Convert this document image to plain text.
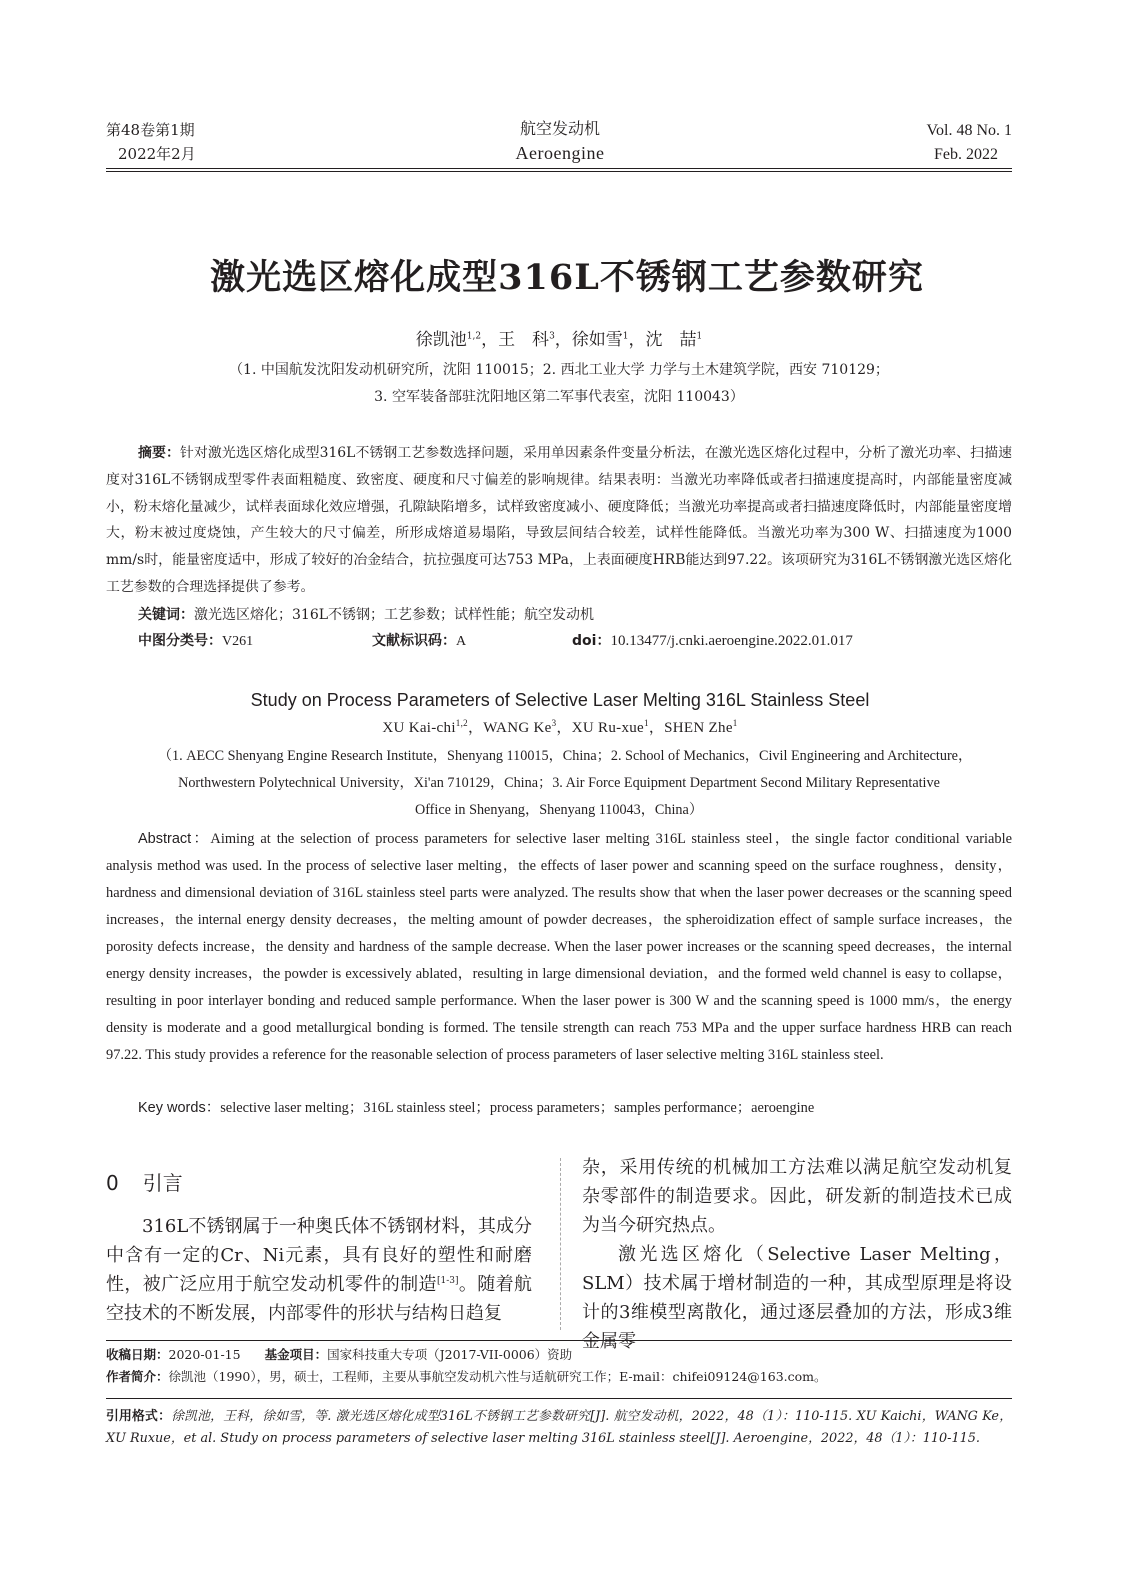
第48卷第1期
2022年2月
航空发动机
Aeroengine
Vol. 48 No. 1
Feb. 2022
激光选区熔化成型316L不锈钢工艺参数研究
徐凯池$^{1,2}$，王　科$^3$，徐如雪$^1$，沈　喆$^1$
（1. 中国航发沈阳发动机研究所，沈阳 110015；2. 西北工业大学 力学与土木建筑学院，西安 710129；
3. 空军装备部驻沈阳地区第二军事代表室，沈阳 110043）
摘要：针对激光选区熔化成型316L不锈钢工艺参数选择问题，采用单因素条件变量分析法，在激光选区熔化过程中，分析了激光功率、扫描速度对316L不锈钢成型零件表面粗糙度、致密度、硬度和尺寸偏差的影响规律。结果表明：当激光功率降低或者扫描速度提高时，内部能量密度减小，粉末熔化量减少，试样表面球化效应增强，孔隙缺陷增多，试样致密度减小、硬度降低；当激光功率提高或者扫描速度降低时，内部能量密度增大，粉末被过度烧蚀，产生较大的尺寸偏差，所形成熔道易塌陷，导致层间结合较差，试样性能降低。当激光功率为300 W、扫描速度为1000 mm/s时，能量密度适中，形成了较好的冶金结合，抗拉强度可达753 MPa，上表面硬度HRB能达到97.22。该项研究为316L不锈钢激光选区熔化工艺参数的合理选择提供了参考。
关键词：激光选区熔化；316L不锈钢；工艺参数；试样性能；航空发动机
中图分类号：V261	文献标识码：A	doi：10.13477/j.cnki.aeroengine.2022.01.017
Study on Process Parameters of Selective Laser Melting 316L Stainless Steel
XU Kai-chi$^{1,2}$，WANG Ke$^3$，XU Ru-xue$^1$，SHEN Zhe$^1$
（1. AECC Shenyang Engine Research Institute，Shenyang 110015，China；2. School of Mechanics，Civil Engineering and Architecture，
Northwestern Polytechnical University，Xi'an 710129，China；3. Air Force Equipment Department Second Military Representative
Office in Shenyang，Shenyang 110043，China）
Abstract：Aiming at the selection of process parameters for selective laser melting 316L stainless steel，the single factor conditional variable analysis method was used. In the process of selective laser melting，the effects of laser power and scanning speed on the surface roughness，density，hardness and dimensional deviation of 316L stainless steel parts were analyzed. The results show that when the laser power decreases or the scanning speed increases，the internal energy density decreases，the melting amount of powder decreases，the spheroidization effect of sample surface increases，the porosity defects increase，the density and hardness of the sample decrease. When the laser power increases or the scanning speed decreases，the internal energy density increases，the powder is excessively ablated，resulting in large dimensional deviation，and the formed weld channel is easy to collapse，resulting in poor interlayer bonding and reduced sample performance. When the laser power is 300 W and the scanning speed is 1000 mm/s，the energy density is moderate and a good metallurgical bonding is formed. The tensile strength can reach 753 MPa and the upper surface hardness HRB can reach 97.22. This study provides a reference for the reasonable selection of process parameters of laser selective melting 316L stainless steel.
Key words：selective laser melting；316L stainless steel；process parameters；samples performance；aeroengine
0 引言
316L不锈钢属于一种奥氏体不锈钢材料，其成分中含有一定的Cr、Ni元素，具有良好的塑性和耐磨性，被广泛应用于航空发动机零件的制造[1-3]。随着航空技术的不断发展，内部零件的形状与结构日趋复
杂，采用传统的机械加工方法难以满足航空发动机复杂零部件的制造要求。因此，研发新的制造技术已成为当今研究热点。
激光选区熔化（Selective Laser Melting，SLM）技术属于增材制造的一种，其成型原理是将设计的3维模型离散化，通过逐层叠加的方法，形成3维金属零
收稿日期：2020-01-15 基金项目：国家科技重大专项（J2017-VII-0006）资助
作者简介：徐凯池（1990），男，硕士，工程师，主要从事航空发动机六性与适航研究工作；E-mail：chifei09124@163.com。
引用格式：徐凯池，王科，徐如雪，等. 激光选区熔化成型316L不锈钢工艺参数研究[J]. 航空发动机，2022，48（1）：110-115. XU Kaichi，WANG Ke，XU Ruxue，et al. Study on process parameters of selective laser melting 316L stainless steel[J]. Aeroengine，2022，48（1）：110-115.
